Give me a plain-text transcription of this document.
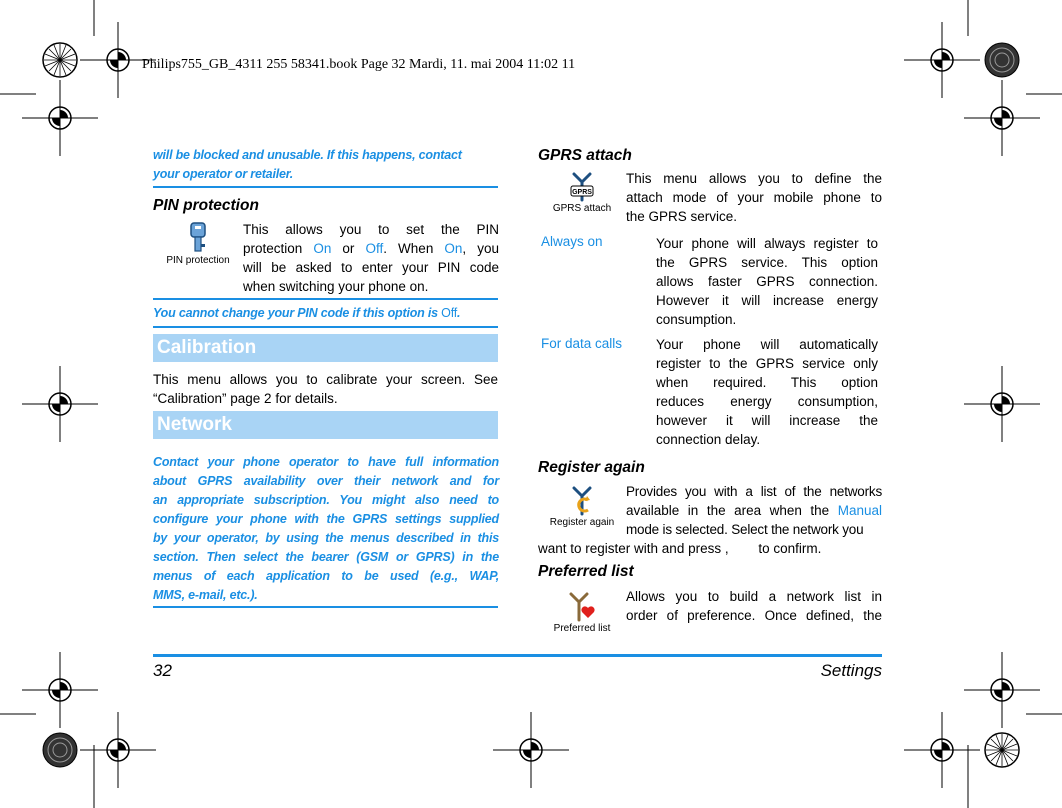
Philips755_GB_4311 255 58341.book Page 32 Mardi, 11. mai 2004 11:02 11
will be blocked and unusable. If this happens, contact
your operator or retailer.
PIN protection
PIN protection
This allows you to set the PIN
protection On or Off. When On, you
will be asked to enter your PIN code
when switching your phone on.
You cannot change your PIN code if this option is Off.
Calibration
This menu allows you to calibrate your screen. See
“Calibration” page 2 for details.
Network
Contact your phone operator to have full information
about GPRS availability over their network and for
an appropriate subscription. You might also need to
configure your phone with the GPRS settings supplied
by your operator, by using the menus described in this
section. Then select the bearer (GSM or GPRS) in the
menus of each application to be used (e.g., WAP,
MMS, e-mail, etc.).
GPRS attach
GPRS
GPRS attach
This menu allows you to define the
attach mode of your mobile phone to
the GPRS service.
Always on	Your phone will always register to
the GPRS service. This option
allows faster GPRS connection.
However it will increase energy
consumption.
For data calls	Your phone will automatically
register to the GPRS service only
when required. This option
reduces energy consumption,
however it will increase the
connection delay.
Register again
Register again
Provides you with a list of the networks
available in the area when the Manual
mode is selected. Select the network you
want to register with and press , to confirm.
Preferred list
Preferred list
Allows you to build a network list in
order of preference. Once defined, the
32	Settings
